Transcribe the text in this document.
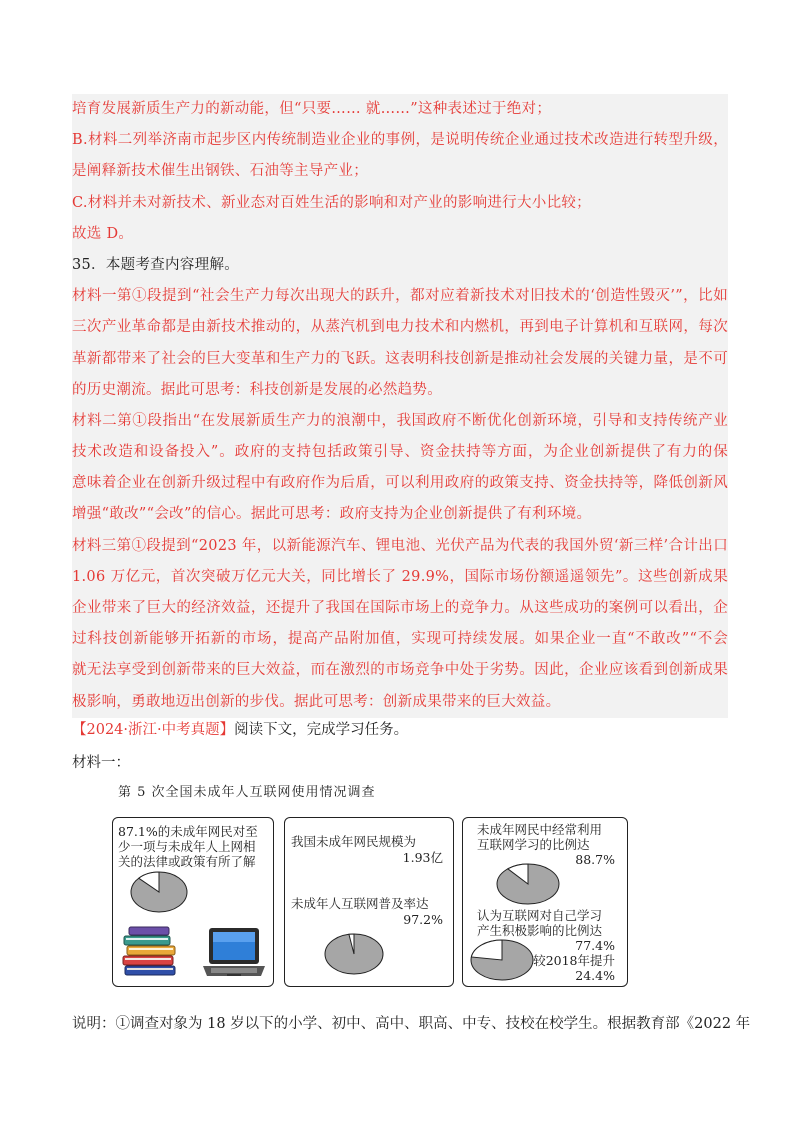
培育发展新质生产力的新动能，但“只要…… 就……”这种表述过于绝对；
B.材料二列举济南市起步区内传统制造业企业的事例，是说明传统企业通过技术改造进行转型升级，
是阐释新技术催生出钢铁、石油等主导产业；
C.材料并未对新技术、新业态对百姓生活的影响和对产业的影响进行大小比较；
故选 D。
35．本题考查内容理解。
材料一第①段提到“社会生产力每次出现大的跃升，都对应着新技术对旧技术的‘创造性毁灭’”，比如
三次产业革命都是由新技术推动的，从蒸汽机到电力技术和内燃机，再到电子计算机和互联网，每次
革新都带来了社会的巨大变革和生产力的飞跃。这表明科技创新是推动社会发展的关键力量，是不可
的历史潮流。据此可思考：科技创新是发展的必然趋势。
材料二第①段指出“在发展新质生产力的浪潮中，我国政府不断优化创新环境，引导和支持传统产业
技术改造和设备投入”。政府的支持包括政策引导、资金扶持等方面，为企业创新提供了有力的保
意味着企业在创新升级过程中有政府作为后盾，可以利用政府的政策支持、资金扶持等，降低创新风
增强“敢改”“会改”的信心。据此可思考：政府支持为企业创新提供了有利环境。
材料三第①段提到“2023 年，以新能源汽车、锂电池、光伏产品为代表的我国外贸‘新三样’合计出口
1.06 万亿元，首次突破万亿元大关，同比增长了 29.9%，国际市场份额遥遥领先”。这些创新成果
企业带来了巨大的经济效益，还提升了我国在国际市场上的竞争力。从这些成功的案例可以看出，企
过科技创新能够开拓新的市场，提高产品附加值，实现可持续发展。如果企业一直“不敢改”“不会
就无法享受到创新带来的巨大效益，而在激烈的市场竞争中处于劣势。因此，企业应该看到创新成果
极影响，勇敢地迈出创新的步伐。据此可思考：创新成果带来的巨大效益。
【2024·浙江·中考真题】阅读下文，完成学习任务。
材料一：
第 5 次全国未成年人互联网使用情况调查
87.1%的未成年网民对至
少一项与未成年人上网相
关的法律或政策有所了解
我国未成年网民规模为
1.93亿
未成年人互联网普及率达
97.2%
未成年网民中经常利用
互联网学习的比例达
88.7%
认为互联网对自己学习
产生积极影响的比例达
77.4%
较2018年提升
24.4%
说明：①调查对象为 18 岁以下的小学、初中、高中、职高、中专、技校在校学生。根据教育部《2022 年
